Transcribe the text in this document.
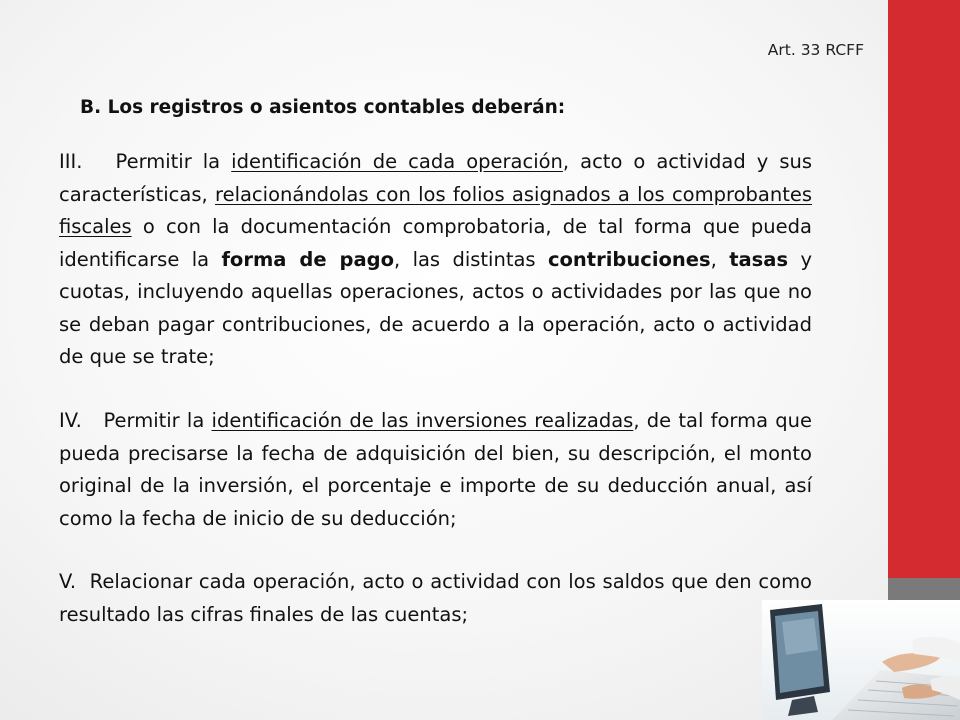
Art. 33 RCFF
B. Los registros o asientos contables deberán:

III. Permitir la identificación de cada operación, acto o actividad y sus características, relacionándolas con los folios asignados a los comprobantes fiscales o con la documentación comprobatoria, de tal forma que pueda identificarse la forma de pago, las distintas contribuciones, tasas y cuotas, incluyendo aquellas operaciones, actos o actividades por las que no se deban pagar contribuciones, de acuerdo a la operación, acto o actividad de que se trate;

IV. Permitir la identificación de las inversiones realizadas, de tal forma que pueda precisarse la fecha de adquisición del bien, su descripción, el monto original de la inversión, el porcentaje e importe de su deducción anual, así como la fecha de inicio de su deducción;

V. Relacionar cada operación, acto o actividad con los saldos que den como resultado las cifras finales de las cuentas;
